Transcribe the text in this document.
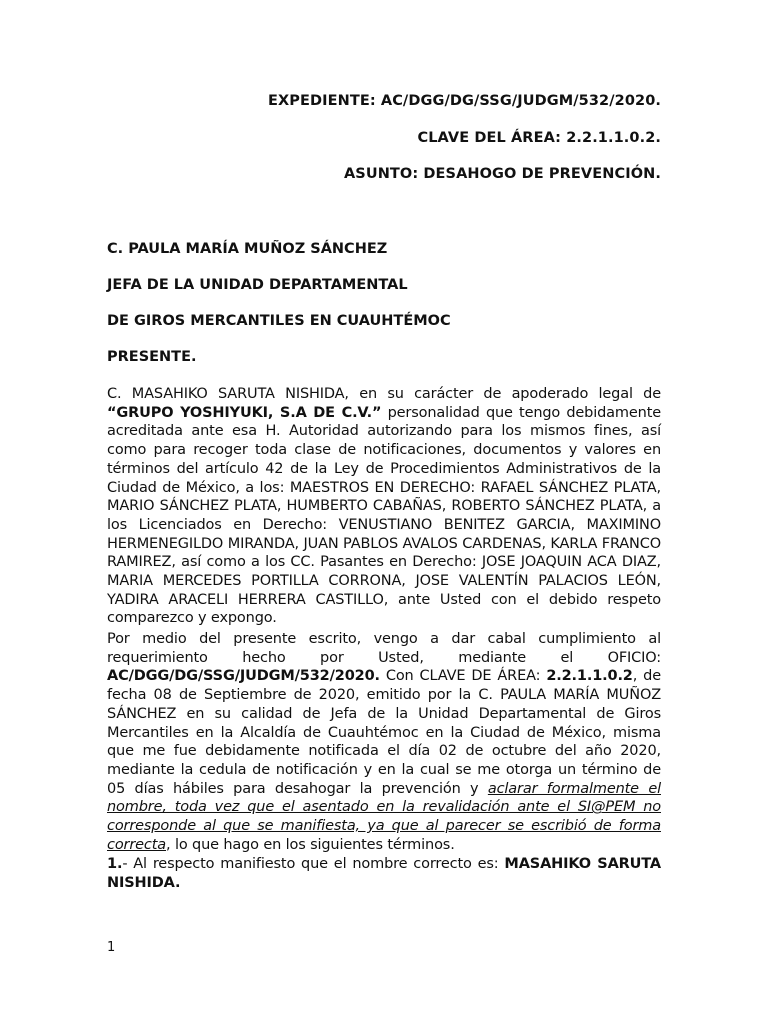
EXPEDIENTE: AC/DGG/DG/SSG/JUDGM/532/2020.
CLAVE DEL ÁREA: 2.2.1.1.0.2.
ASUNTO: DESAHOGO DE PREVENCIÓN.
C. PAULA MARÍA MUÑOZ SÁNCHEZ
JEFA DE LA UNIDAD DEPARTAMENTAL
DE GIROS MERCANTILES EN CUAUHTÉMOC
PRESENTE.
C. MASAHIKO SARUTA NISHIDA, en su carácter de apoderado legal de “GRUPO YOSHIYUKI, S.A DE C.V.” personalidad que tengo debidamente acreditada ante esa H. Autoridad autorizando para los mismos fines, así como para recoger toda clase de notificaciones, documentos y valores en términos del artículo 42 de la Ley de Procedimientos Administrativos de la Ciudad de México, a los: MAESTROS EN DERECHO: RAFAEL SÁNCHEZ PLATA, MARIO SÁNCHEZ PLATA, HUMBERTO CABAÑAS, ROBERTO SÁNCHEZ PLATA, a los Licenciados en Derecho: VENUSTIANO BENITEZ GARCIA, MAXIMINO HERMENEGILDO MIRANDA, JUAN PABLOS AVALOS CARDENAS, KARLA FRANCO RAMIREZ, así como a los CC. Pasantes en Derecho: JOSE JOAQUIN ACA DIAZ, MARIA MERCEDES PORTILLA CORRONA, JOSE VALENTÍN PALACIOS LEÓN, YADIRA ARACELI HERRERA CASTILLO, ante Usted con el debido respeto comparezco y expongo.
Por medio del presente escrito, vengo a dar cabal cumplimiento al requerimiento hecho por Usted, mediante el OFICIO: AC/DGG/DG/SSG/JUDGM/532/2020. Con CLAVE DE ÁREA: 2.2.1.1.0.2, de fecha 08 de Septiembre de 2020, emitido por la C. PAULA MARÍA MUÑOZ SÁNCHEZ en su calidad de Jefa de la Unidad Departamental de Giros Mercantiles en la Alcaldía de Cuauhtémoc en la Ciudad de México, misma que me fue debidamente notificada el día 02 de octubre del año 2020, mediante la cedula de notificación y en la cual se me otorga un término de 05 días hábiles para desahogar la prevención y aclarar formalmente el nombre, toda vez que el asentado en la revalidación ante el SI@PEM no corresponde al que se manifiesta, ya que al parecer se escribió de forma correcta, lo que hago en los siguientes términos.
1.- Al respecto manifiesto que el nombre correcto es: MASAHIKO SARUTA NISHIDA.
1
